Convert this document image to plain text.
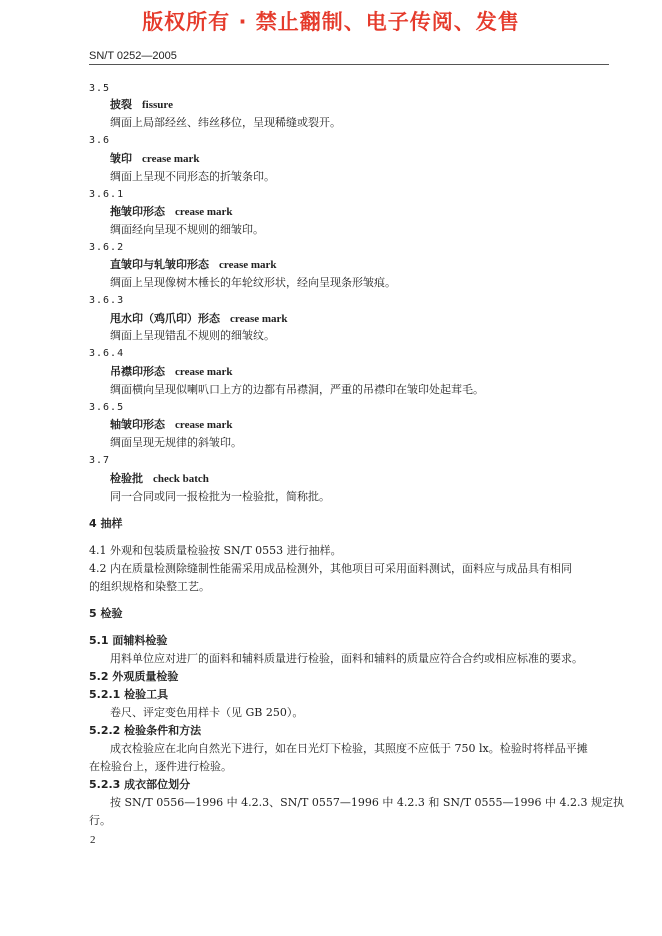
版权所有 · 禁止翻制、电子传阅、发售
SN/T 0252—2005
3.5
披裂 fissure
绸面上局部经丝、纬丝移位，呈现稀缝或裂开。
3.6
皱印 crease mark
绸面上呈现不同形态的折皱条印。
3.6.1
拖皱印形态 crease mark
绸面经向呈现不规则的细皱印。
3.6.2
直皱印与轧皱印形态 crease mark
绸面上呈现像树木棰长的年轮纹形状，经向呈现条形皱痕。
3.6.3
甩水印（鸡爪印）形态 crease mark
绸面上呈现错乱不规则的细皱纹。
3.6.4
吊襟印形态 crease mark
绸面横向呈现似喇叭口上方的边都有吊襟洞，严重的吊襟印在皱印处起茸毛。
3.6.5
轴皱印形态 crease mark
绸面呈现无规律的斜皱印。
3.7
检验批 check batch
同一合同或同一报检批为一检验批，简称批。
4 抽样
4.1 外观和包装质量检验按 SN/T 0553 进行抽样。
4.2 内在质量检测除缝制性能需采用成品检测外，其他项目可采用面料测试，面料应与成品具有相同
的组织规格和染整工艺。
5 检验
5.1 面辅料检验
用料单位应对进厂的面料和辅料质量进行检验，面料和辅料的质量应符合合约或相应标准的要求。
5.2 外观质量检验
5.2.1 检验工具
卷尺、评定变色用样卡（见 GB 250）。
5.2.2 检验条件和方法
成衣检验应在北向自然光下进行，如在日光灯下检验，其照度不应低于 750 lx。检验时将样品平摊
在检验台上，逐件进行检验。
5.2.3 成衣部位划分
按 SN/T 0556—1996 中 4.2.3、SN/T 0557—1996 中 4.2.3 和 SN/T 0555—1996 中 4.2.3 规定执
行。
2
